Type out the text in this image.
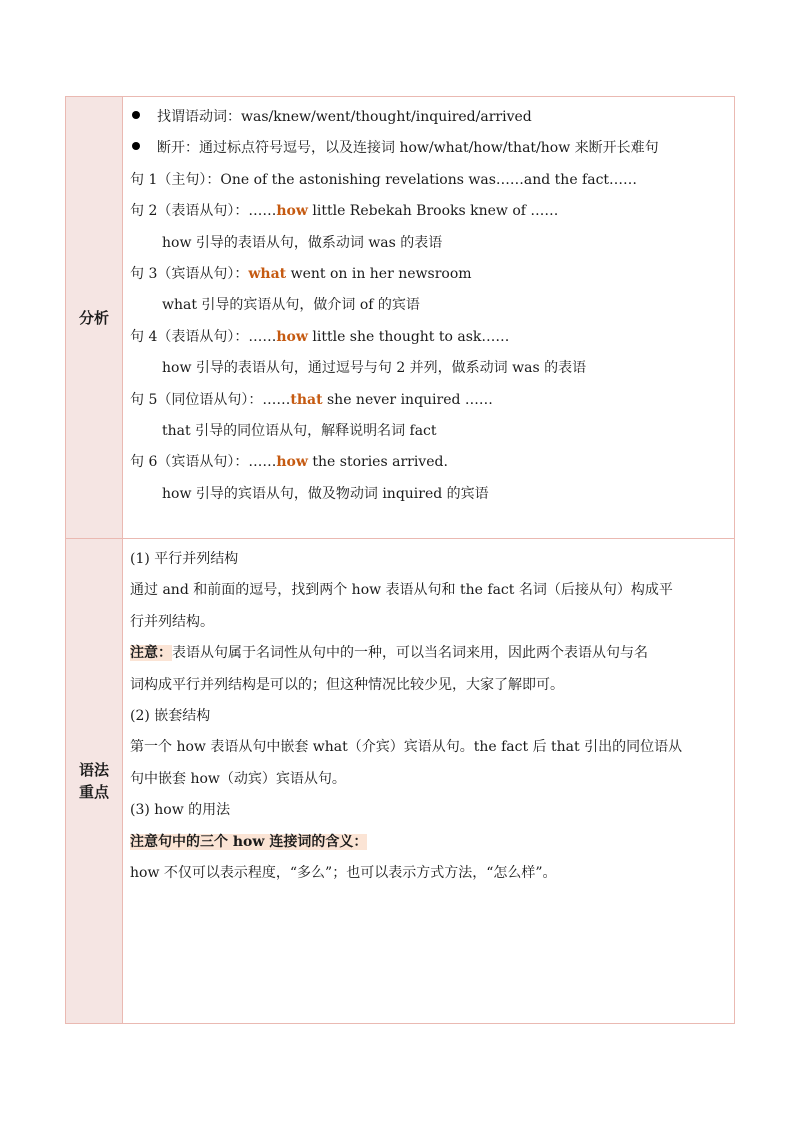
分析
找谓语动词：was/knew/went/thought/inquired/arrived
断开：通过标点符号逗号，以及连接词 how/what/how/that/how 来断开长难句
句 1（主句）：One of the astonishing revelations was……and the fact……
句 2（表语从句）：……how little Rebekah Brooks knew of ……
how 引导的表语从句，做系动词 was 的表语
句 3（宾语从句）：what went on in her newsroom
what 引导的宾语从句，做介词 of 的宾语
句 4（表语从句）：……how little she thought to ask……
how 引导的表语从句，通过逗号与句 2 并列，做系动词 was 的表语
句 5（同位语从句）：……that she never inquired ……
that 引导的同位语从句，解释说明名词 fact
句 6（宾语从句）：……how the stories arrived.
how 引导的宾语从句，做及物动词 inquired 的宾语
语法
重点
(1) 平行并列结构
通过 and 和前面的逗号，找到两个 how 表语从句和 the fact 名词（后接从句）构成平
行并列结构。
注意：表语从句属于名词性从句中的一种，可以当名词来用，因此两个表语从句与名
词构成平行并列结构是可以的；但这种情况比较少见，大家了解即可。
(2) 嵌套结构
第一个 how 表语从句中嵌套 what（介宾）宾语从句。the fact 后 that 引出的同位语从
句中嵌套 how（动宾）宾语从句。
(3) how 的用法
注意句中的三个 how 连接词的含义：
how 不仅可以表示程度，“多么”；也可以表示方式方法，“怎么样”。
